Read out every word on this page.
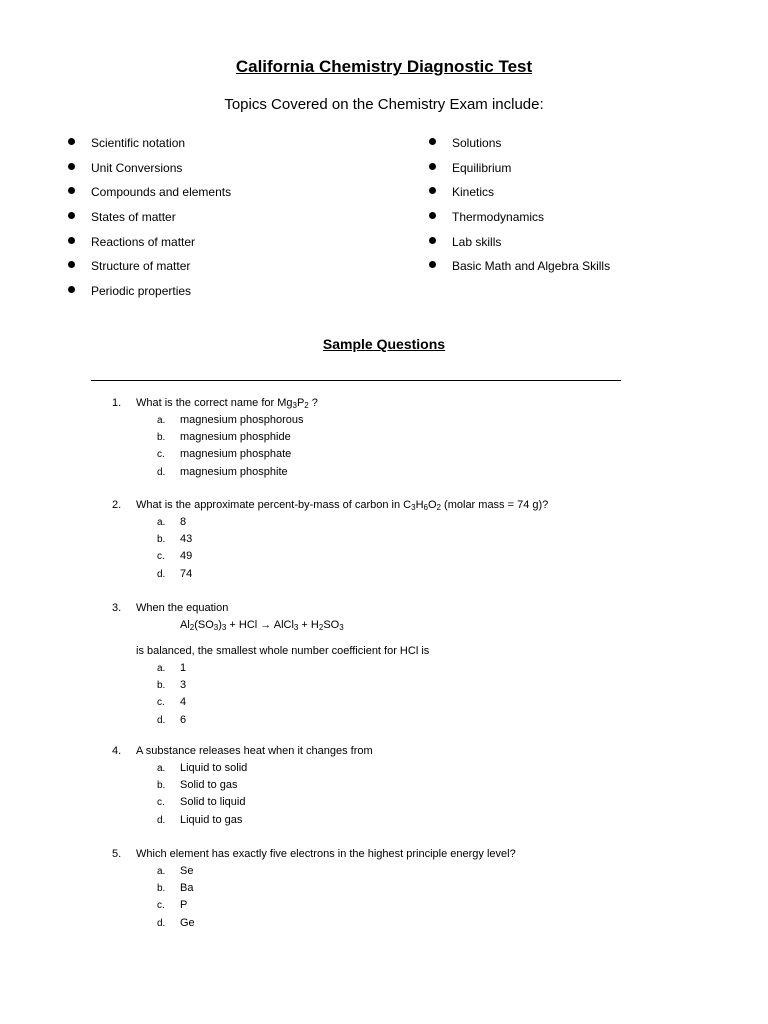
California Chemistry Diagnostic Test
Topics Covered on the Chemistry Exam include:
Scientific notation
Unit Conversions
Compounds and elements
States of matter
Reactions of matter
Structure of matter
Periodic properties
Solutions
Equilibrium
Kinetics
Thermodynamics
Lab skills
Basic Math and Algebra Skills
Sample Questions
1. What is the correct name for $Mg_3P_2$ ?
a. magnesium phosphorous
b. magnesium phosphide
c. magnesium phosphate
d. magnesium phosphite
2. What is the approximate percent-by-mass of carbon in $C_3H_6O_2$ (molar mass = 74 g)?
a. 8
b. 43
c. 49
d. 74
3. When the equation
$Al_2(SO_3)_3$ + HCl → AlCl$_3$ + $H_2SO_3$
is balanced, the smallest whole number coefficient for HCl is
a. 1
b. 3
c. 4
d. 6
4. A substance releases heat when it changes from
a. Liquid to solid
b. Solid to gas
c. Solid to liquid
d. Liquid to gas
5. Which element has exactly five electrons in the highest principle energy level?
a. Se
b. Ba
c. P
d. Ge
